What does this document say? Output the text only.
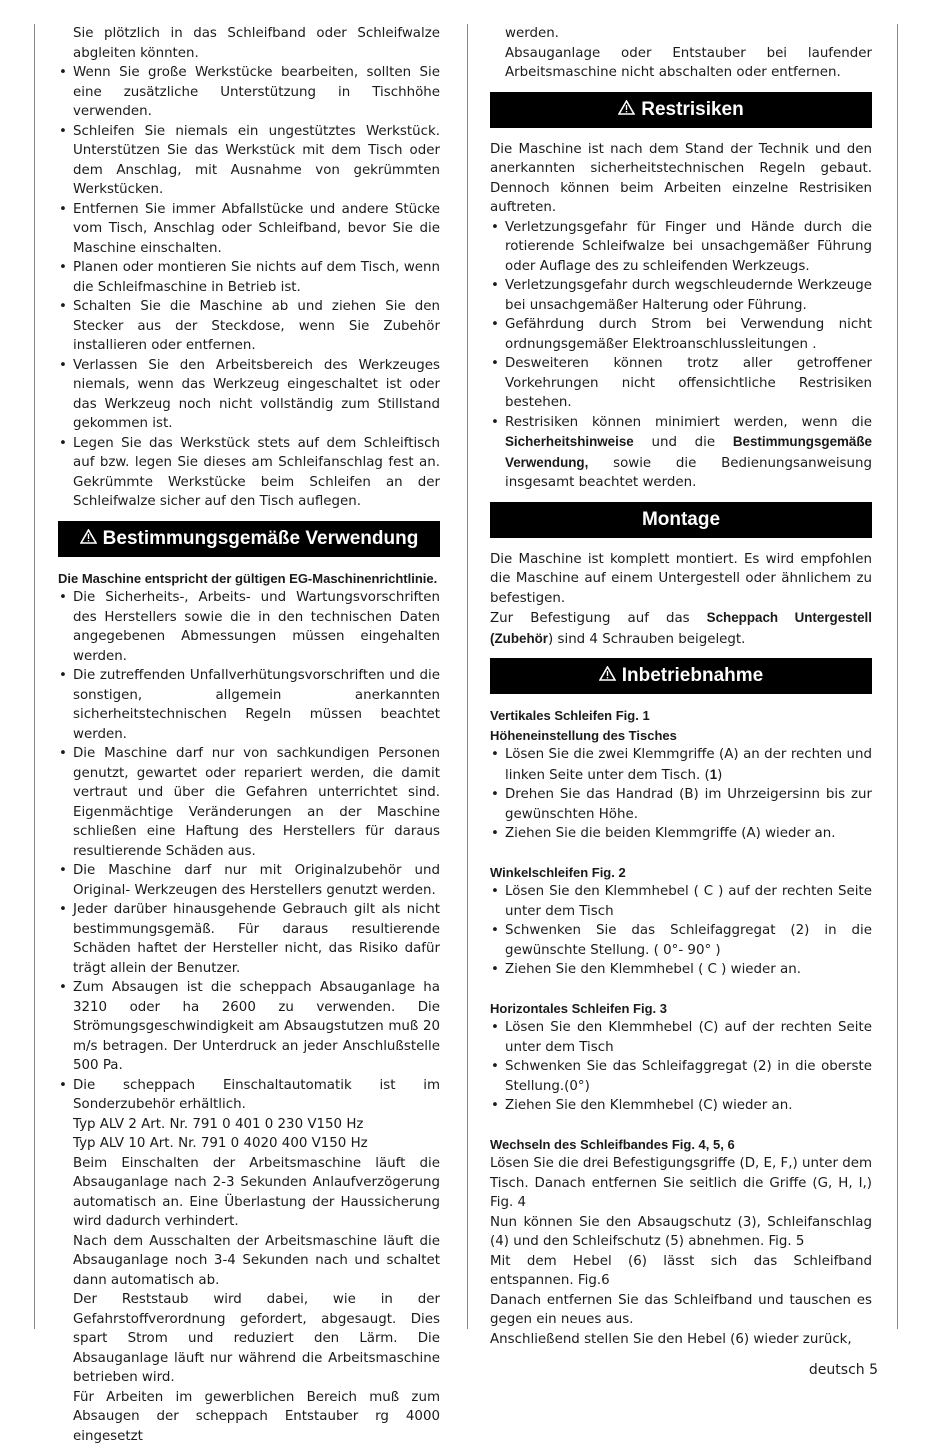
Sie plötzlich in das Schleifband oder Schleifwalze abgleiten könnten.

• Wenn Sie große Werkstücke bearbeiten, sollten Sie eine zusätzliche Unterstützung in Tischhöhe verwenden.
• Schleifen Sie niemals ein ungestütztes Werkstück. Unterstützen Sie das Werkstück mit dem Tisch oder dem Anschlag, mit Ausnahme von gekrümmten Werkstücken.
• Entfernen Sie immer Abfallstücke und andere Stücke vom Tisch, Anschlag oder Schleifband, bevor Sie die Maschine einschalten.
• Planen oder montieren Sie nichts auf dem Tisch, wenn die Schleifmaschine in Betrieb ist.
• Schalten Sie die Maschine ab und ziehen Sie den Stecker aus der Steckdose, wenn Sie Zubehör installieren oder entfernen.
• Verlassen Sie den Arbeitsbereich des Werkzeuges niemals, wenn das Werkzeug eingeschaltet ist oder das Werkzeug noch nicht vollständig zum Stillstand gekommen ist.
• Legen Sie das Werkstück stets auf dem Schleiftisch auf bzw. legen Sie dieses am Schleifanschlag fest an. Gekrümmte Werkstücke beim Schleifen an der Schleifwalze sicher auf den Tisch auflegen.
Bestimmungsgemäße Verwendung

Die Maschine entspricht der gültigen EG-Maschinenrichtlinie.

• Die Sicherheits-, Arbeits- und Wartungsvorschriften des Herstellers sowie die in den technischen Daten angegebenen Abmessungen müssen eingehalten werden.
• Die zutreffenden Unfallverhütungsvorschriften und die sonstigen, allgemein anerkannten sicherheitstechnischen Regeln müssen beachtet werden.
• Die Maschine darf nur von sachkundigen Personen genutzt, gewartet oder repariert werden, die damit vertraut und über die Gefahren unterrichtet sind. Eigenmächtige Veränderungen an der Maschine schließen eine Haftung des Herstellers für daraus resultierende Schäden aus.
• Die Maschine darf nur mit Originalzubehör und Original- Werkzeugen des Herstellers genutzt werden.
• Jeder darüber hinausgehende Gebrauch gilt als nicht bestimmungsgemäß. Für daraus resultierende Schäden haftet der Hersteller nicht, das Risiko dafür trägt allein der Benutzer.
• Zum Absaugen ist die scheppach Absauganlage ha 3210 oder ha 2600 zu verwenden. Die Strömungsgeschwindigkeit am Absaugstutzen muß 20 m/s betragen. Der Unterdruck an jeder Anschlußstelle 500 Pa.
• Die scheppach Einschaltautomatik ist im Sonderzubehör erhältlich.

Typ ALV 2 Art. Nr. 791 0 401 0 230 V150 Hz

Typ ALV 10 Art. Nr. 791 0 4020 400 V150 Hz

Beim Einschalten der Arbeitsmaschine läuft die Absauganlage nach 2-3 Sekunden Anlaufverzögerung automatisch an. Eine Überlastung der Haussicherung wird dadurch verhindert.

Nach dem Ausschalten der Arbeitsmaschine läuft die Absauganlage noch 3-4 Sekunden nach und schaltet dann automatisch ab.

Der Reststaub wird dabei, wie in der Gefahrstoffverordnung gefordert, abgesaugt. Dies spart Strom und reduziert den Lärm. Die Absauganlage läuft nur während die Arbeitsmaschine betrieben wird.

Für Arbeiten im gewerblichen Bereich muß zum Absaugen der scheppach Entstauber rg 4000 eingesetzt

werden.

Absauganlage oder Entstauber bei laufender Arbeitsmaschine nicht abschalten oder entfernen.

Restrisiken

Die Maschine ist nach dem Stand der Technik und den anerkannten sicherheitstechnischen Regeln gebaut. Dennoch können beim Arbeiten einzelne Restrisiken auftreten.

• Verletzungsgefahr für Finger und Hände durch die rotierende Schleifwalze bei unsachgemäßer Führung oder Auflage des zu schleifenden Werkzeugs.
• Verletzungsgefahr durch wegschleudernde Werkzeuge bei unsachgemäßer Halterung oder Führung.
• Gefährdung durch Strom bei Verwendung nicht ordnungsgemäßer Elektroanschlussleitungen .
• Desweiteren können trotz aller getroffener Vorkehrungen nicht offensichtliche Restrisiken bestehen.
• Restrisiken können minimiert werden, wenn die Sicherheitshinweise und die Bestimmungsgemäße Verwendung, sowie die Bedienungsanweisung insgesamt beachtet werden.
Montage

Die Maschine ist komplett montiert. Es wird empfohlen die Maschine auf einem Untergestell oder ähnlichem zu befestigen.

Zur Befestigung auf das Scheppach Untergestell (Zubehör) sind 4 Schrauben beigelegt.

Inbetriebnahme

Vertikales Schleifen Fig. 1

Höheneinstellung des Tisches

• Lösen Sie die zwei Klemmgriffe (A) an der rechten und linken Seite unter dem Tisch. (1)
• Drehen Sie das Handrad (B) im Uhrzeigersinn bis zur gewünschten Höhe.
• Ziehen Sie die beiden Klemmgriffe (A) wieder an.

Winkelschleifen Fig. 2

• Lösen Sie den Klemmhebel ( C ) auf der rechten Seite unter dem Tisch
• Schwenken Sie das Schleifaggregat (2) in die gewünschte Stellung. ( 0°- 90° )
• Ziehen Sie den Klemmhebel ( C ) wieder an.

Horizontales Schleifen Fig. 3

• Lösen Sie den Klemmhebel (C) auf der rechten Seite unter dem Tisch
• Schwenken Sie das Schleifaggregat (2) in die oberste Stellung.(0°)
• Ziehen Sie den Klemmhebel (C) wieder an.

Wechseln des Schleifbandes Fig. 4, 5, 6

Lösen Sie die drei Befestigungsgriffe (D, E, F,) unter dem Tisch. Danach entfernen Sie seitlich die Griffe (G, H, I,) Fig. 4

Nun können Sie den Absaugschutz (3), Schleifanschlag (4) und den Schleifschutz (5) abnehmen. Fig. 5

Mit dem Hebel (6) lässt sich das Schleifband entspannen. Fig.6

Danach entfernen Sie das Schleifband und tauschen es gegen ein neues aus.

Anschließend stellen Sie den Hebel (6) wieder zurück,

deutsch 5
